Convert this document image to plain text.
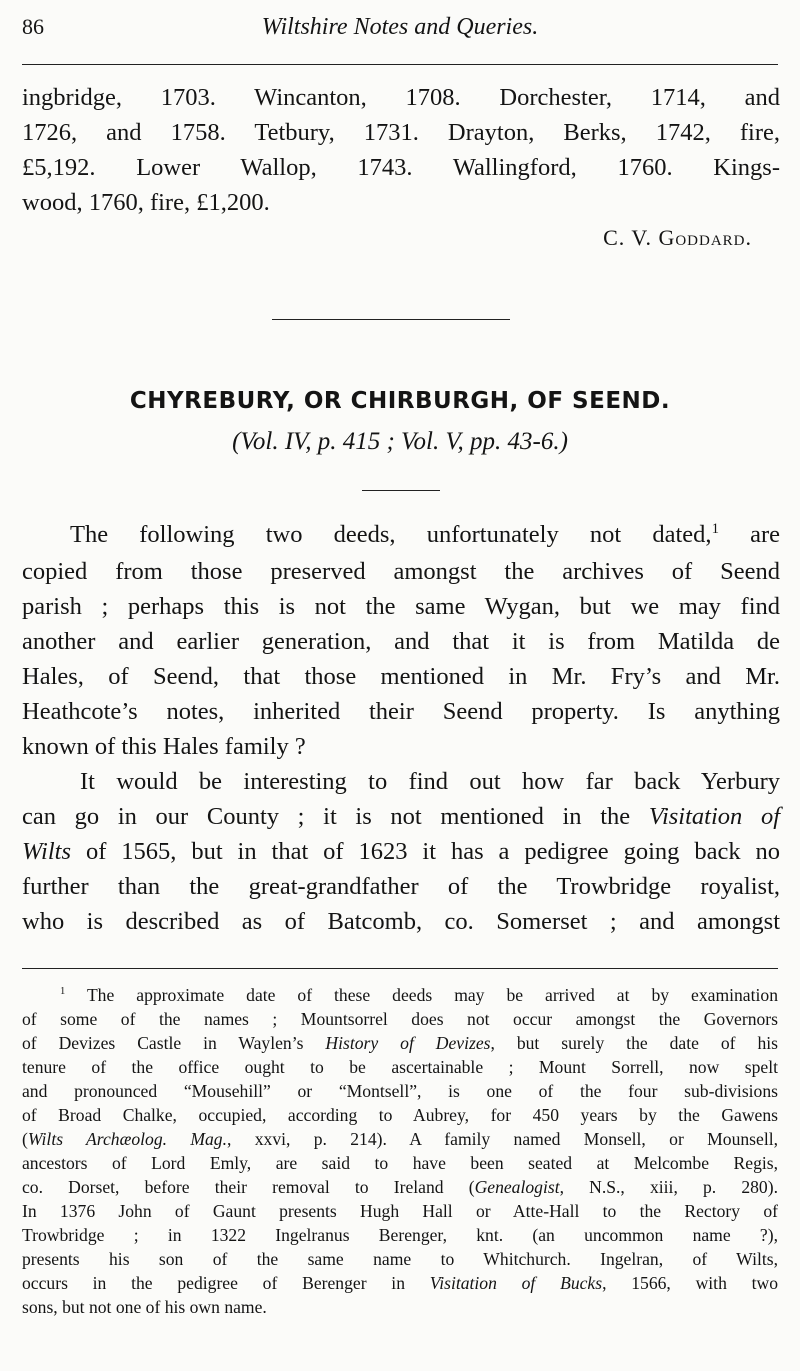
86	Wiltshire Notes and Queries.

ingbridge, 1703. Wincanton, 1708. Dorchester, 1714, and

1726, and 1758. Tetbury, 1731. Drayton, Berks, 1742, fire,

£5,192. Lower Wallop, 1743. Wallingford, 1760. Kings-

wood, 1760, fire, £1,200.

C. V. Goddard.
CHYREBURY, OR CHIRBURGH, OF SEEND.
(Vol. IV, p. 415 ; Vol. V, pp. 43-6.)

The following two deeds, unfortunately not dated,$^1$ are

copied from those preserved amongst the archives of Seend

parish ; perhaps this is not the same Wygan, but we may find

another and earlier generation, and that it is from Matilda de

Hales, of Seend, that those mentioned in Mr. Fry’s and Mr.

Heathcote’s notes, inherited their Seend property. Is anything

known of this Hales family ?

It would be interesting to find out how far back Yerbury

can go in our County ; it is not mentioned in the Visitation of

Wilts of 1565, but in that of 1623 it has a pedigree going back no

further than the great-grandfather of the Trowbridge royalist,

who is described as of Batcomb, co. Somerset ; and amongst

$^1$ The approximate date of these deeds may be arrived at by examination

of some of the names ; Mountsorrel does not occur amongst the Governors

of Devizes Castle in Waylen’s History of Devizes, but surely the date of his

tenure of the office ought to be ascertainable ; Mount Sorrell, now spelt

and pronounced “Mousehill” or “Montsell”, is one of the four sub-divisions

of Broad Chalke, occupied, according to Aubrey, for 450 years by the Gawens

(Wilts Archæolog. Mag., xxvi, p. 214). A family named Monsell, or Mounsell,

ancestors of Lord Emly, are said to have been seated at Melcombe Regis,

co. Dorset, before their removal to Ireland (Genealogist, N.S., xiii, p. 280).

In 1376 John of Gaunt presents Hugh Hall or Atte-Hall to the Rectory of

Trowbridge ; in 1322 Ingelranus Berenger, knt. (an uncommon name ?),

presents his son of the same name to Whitchurch. Ingelran, of Wilts,

occurs in the pedigree of Berenger in Visitation of Bucks, 1566, with two

sons, but not one of his own name.
